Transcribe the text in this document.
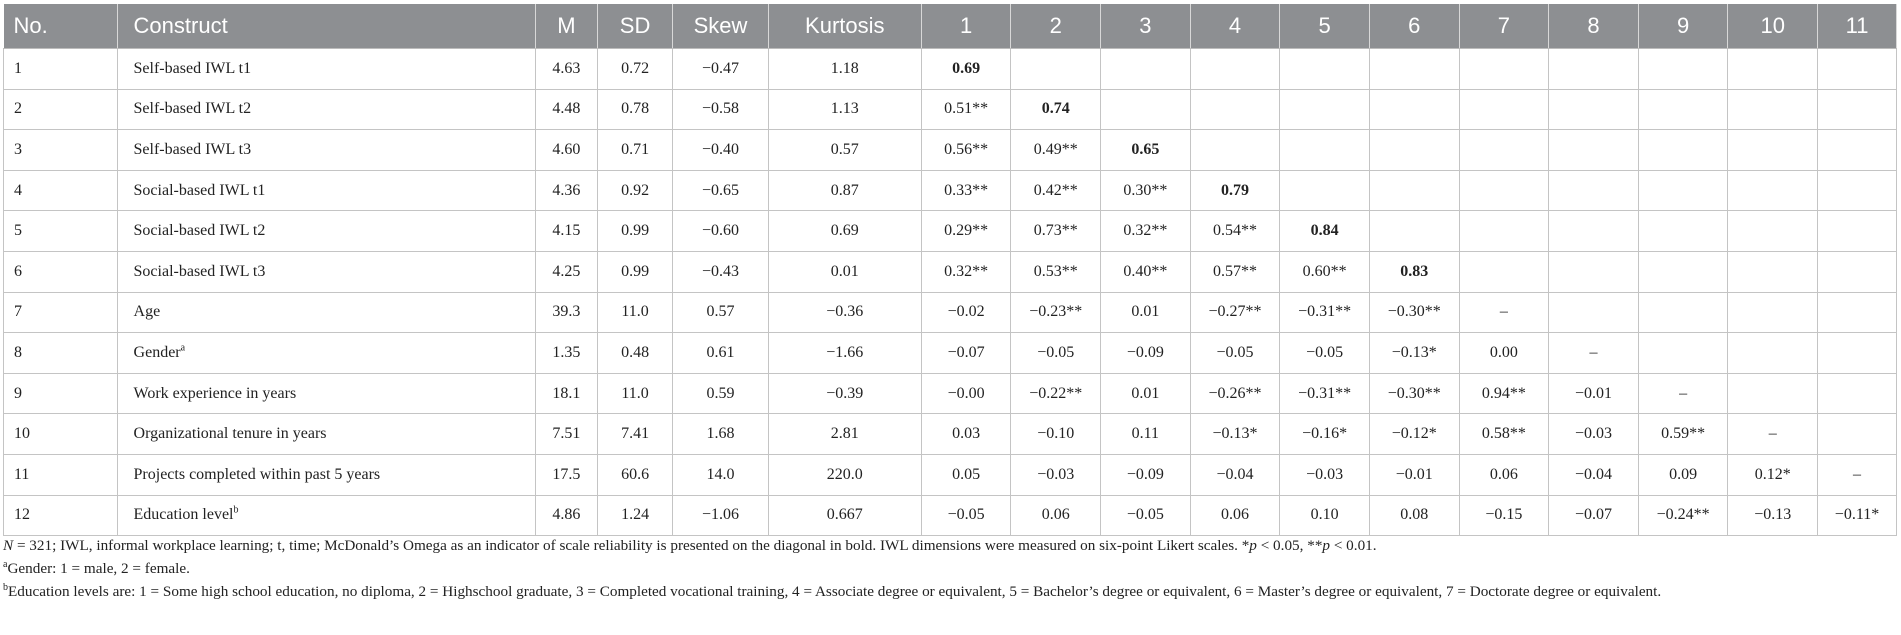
No.	Construct	M	SD	Skew	Kurtosis	1	2	3	4	5	6	7	8	9	10	11
1	Self-based IWL t1	4.63	0.72	−0.47	1.18	0.69										
2	Self-based IWL t2	4.48	0.78	−0.58	1.13	0.51**	0.74									
3	Self-based IWL t3	4.60	0.71	−0.40	0.57	0.56**	0.49**	0.65								
4	Social-based IWL t1	4.36	0.92	−0.65	0.87	0.33**	0.42**	0.30**	0.79							
5	Social-based IWL t2	4.15	0.99	−0.60	0.69	0.29**	0.73**	0.32**	0.54**	0.84						
6	Social-based IWL t3	4.25	0.99	−0.43	0.01	0.32**	0.53**	0.40**	0.57**	0.60**	0.83					
7	Age	39.3	11.0	0.57	−0.36	−0.02	−0.23**	0.01	−0.27**	−0.31**	−0.30**	–				
8	Gender$^a$	1.35	0.48	0.61	−1.66	−0.07	−0.05	−0.09	−0.05	−0.05	−0.13*	0.00	–			
9	Work experience in years	18.1	11.0	0.59	−0.39	−0.00	−0.22**	0.01	−0.26**	−0.31**	−0.30**	0.94**	−0.01	–		
10	Organizational tenure in years	7.51	7.41	1.68	2.81	0.03	−0.10	0.11	−0.13*	−0.16*	−0.12*	0.58**	−0.03	0.59**	–	
11	Projects completed within past 5 years	17.5	60.6	14.0	220.0	0.05	−0.03	−0.09	−0.04	−0.03	−0.01	0.06	−0.04	0.09	0.12*	–
12	Education level$^b$	4.86	1.24	−1.06	0.667	−0.05	0.06	−0.05	0.06	0.10	0.08	−0.15	−0.07	−0.24**	−0.13	−0.11*

N = 321; IWL, informal workplace learning; t, time; McDonald’s Omega as an indicator of scale reliability is presented on the diagonal in bold. IWL dimensions were measured on six-point Likert scales. *p < 0.05, **p < 0.01.

$^a$Gender: 1 = male, 2 = female.

$^b$Education levels are: 1 = Some high school education, no diploma, 2 = Highschool graduate, 3 = Completed vocational training, 4 = Associate degree or equivalent, 5 = Bachelor’s degree or equivalent, 6 = Master’s degree or equivalent, 7 = Doctorate degree or equivalent.
